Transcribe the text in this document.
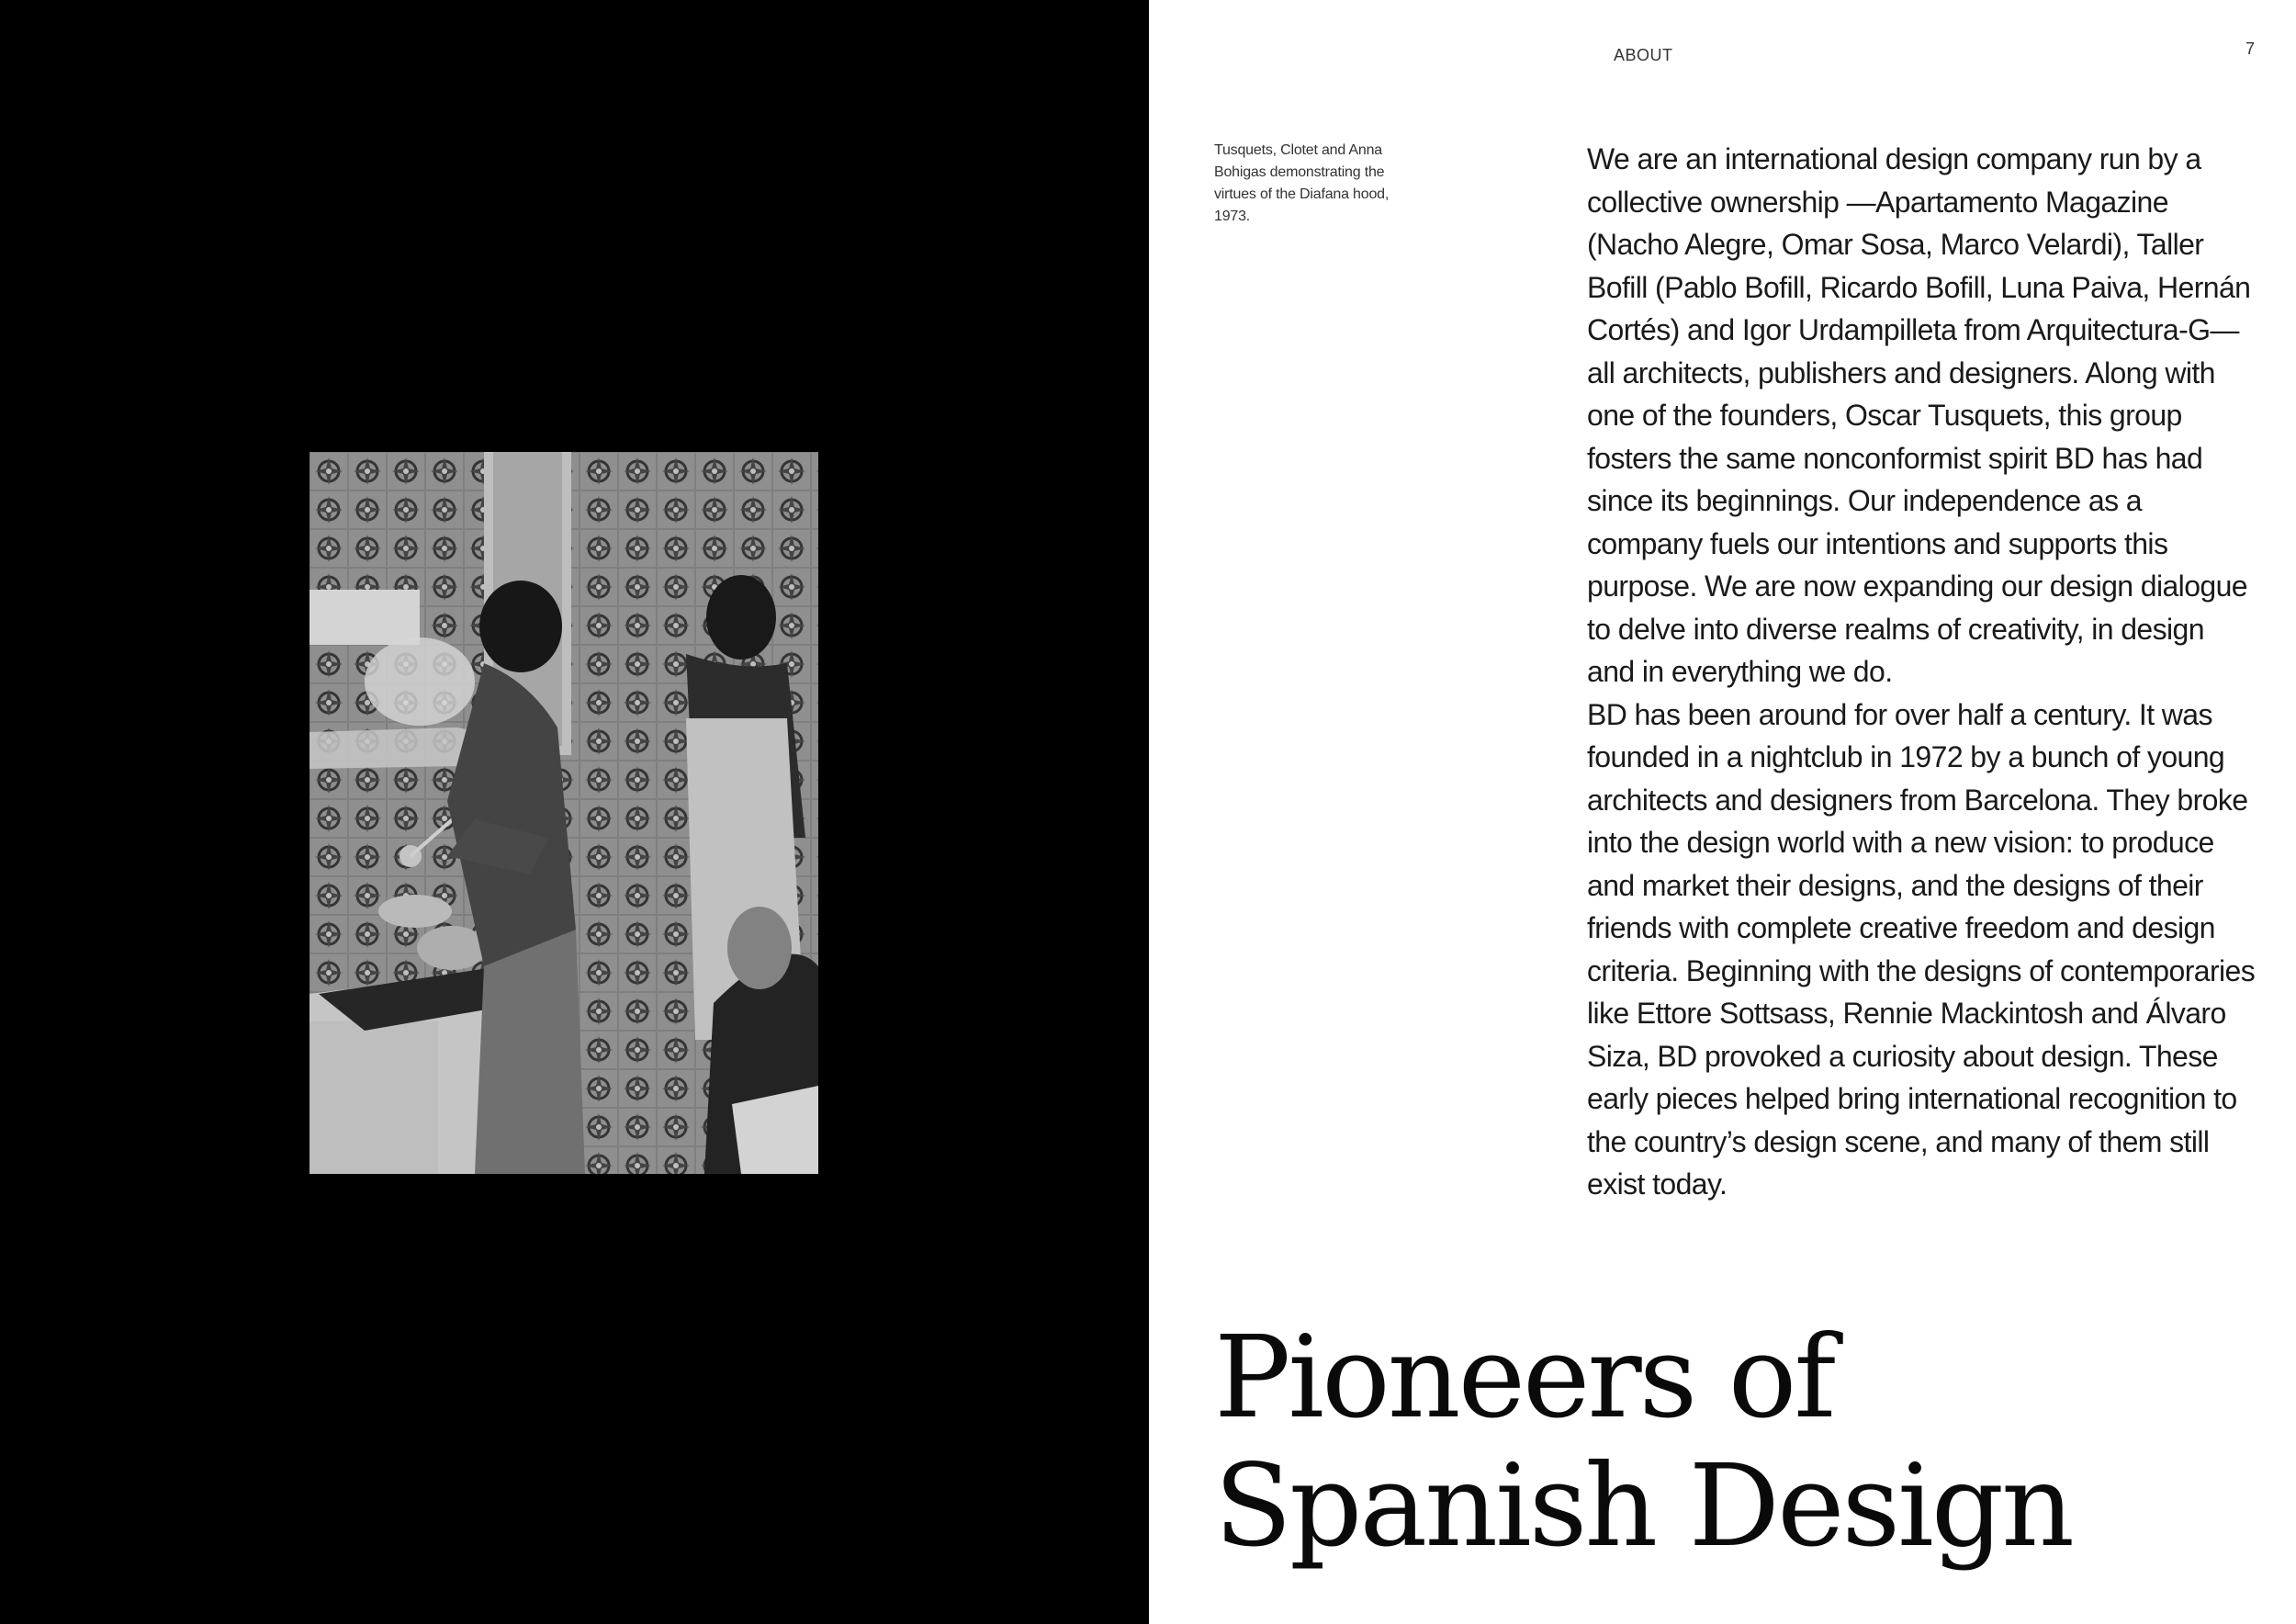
ABOUT	7
Tusquets, Clotet and Anna Bohigas demonstrating the virtues of the Diafana hood, 1973.

We are an international design company run by a collective ownership —Apartamento Magazine (Nacho Alegre, Omar Sosa, Marco Velardi), Taller Bofill (Pablo Bofill, Ricardo Bofill, Luna Paiva, Hernán Cortés) and Igor Urdampilleta from Arquitectura-G— all architects, publishers and designers. Along with one of the founders, Oscar Tusquets, this group fosters the same nonconformist spirit BD has had since its beginnings. Our independence as a company fuels our intentions and supports this purpose. We are now expanding our design dialogue to delve into diverse realms of creativity, in design and in everything we do.

BD has been around for over half a century. It was founded in a nightclub in 1972 by a bunch of young architects and designers from Barcelona. They broke into the design world with a new vision: to produce and market their designs, and the designs of their friends with complete creative freedom and design criteria. Beginning with the designs of contemporaries like Ettore Sottsass, Rennie Mackintosh and Álvaro Siza, BD provoked a curiosity about design. These early pieces helped bring international recognition to the country’s design scene, and many of them still exist today.

Pioneers of
Spanish Design
